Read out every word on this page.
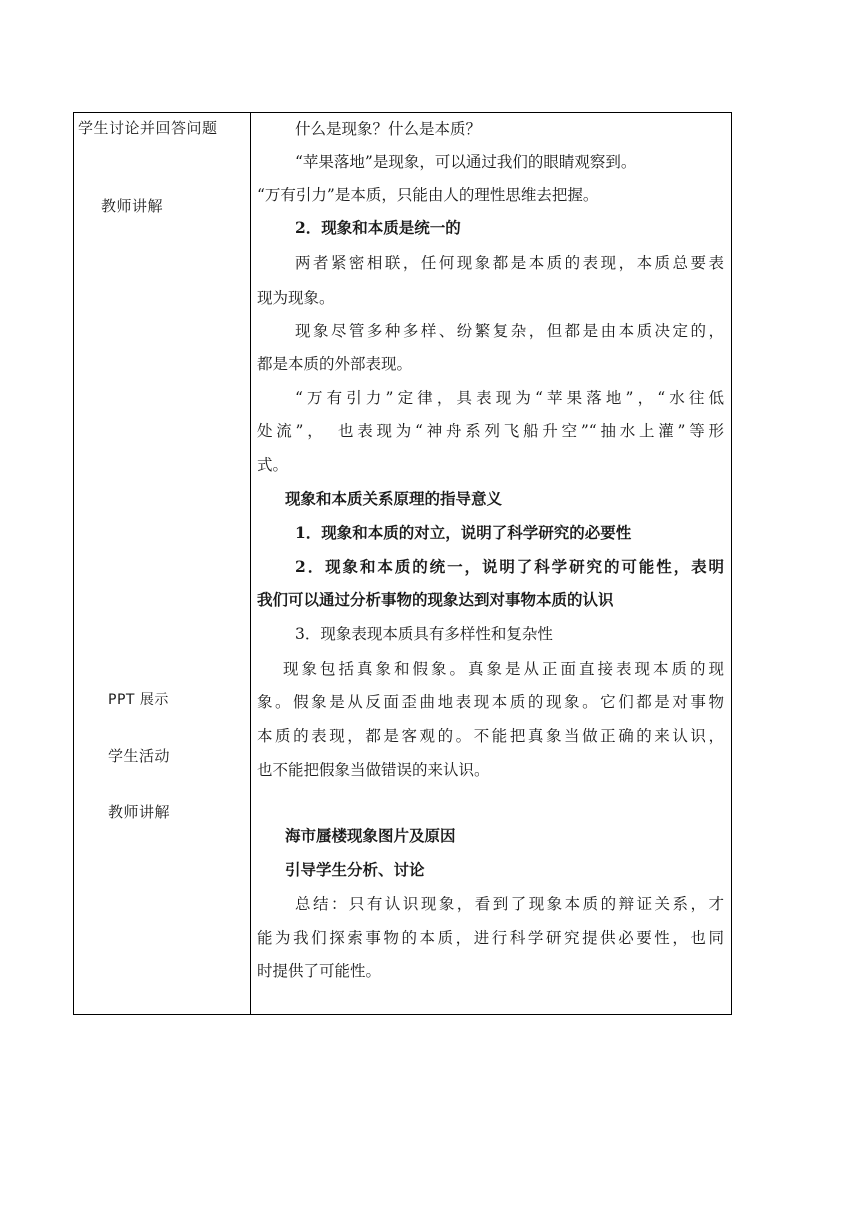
学生讨论并回答问题
教师讲解
PPT 展示
学生活动
教师讲解
什么是现象？什么是本质？
“苹果落地”是现象，可以通过我们的眼睛观察到。
“万有引力”是本质，只能由人的理性思维去把握。
2．现象和本质是统一的
两者紧密相联，任何现象都是本质的表现，本质总要表
现为现象。
现象尽管多种多样、纷繁复杂，但都是由本质决定的，
都是本质的外部表现。
“万有引力”定律，具表现为“苹果落地”，“水往低
处流”，　也表现为“神舟系列飞船升空”“抽水上灌”等形
式。
现象和本质关系原理的指导意义
1．现象和本质的对立，说明了科学研究的必要性
2．现象和本质的统一，说明了科学研究的可能性，表明
我们可以通过分析事物的现象达到对事物本质的认识
3．现象表现本质具有多样性和复杂性
现象包括真象和假象。真象是从正面直接表现本质的现
象。假象是从反面歪曲地表现本质的现象。它们都是对事物
本质的表现，都是客观的。不能把真象当做正确的来认识，
也不能把假象当做错误的来认识。
海市蜃楼现象图片及原因
引导学生分析、讨论
总结：只有认识现象，看到了现象本质的辩证关系，才
能为我们探索事物的本质，进行科学研究提供必要性，也同
时提供了可能性。
